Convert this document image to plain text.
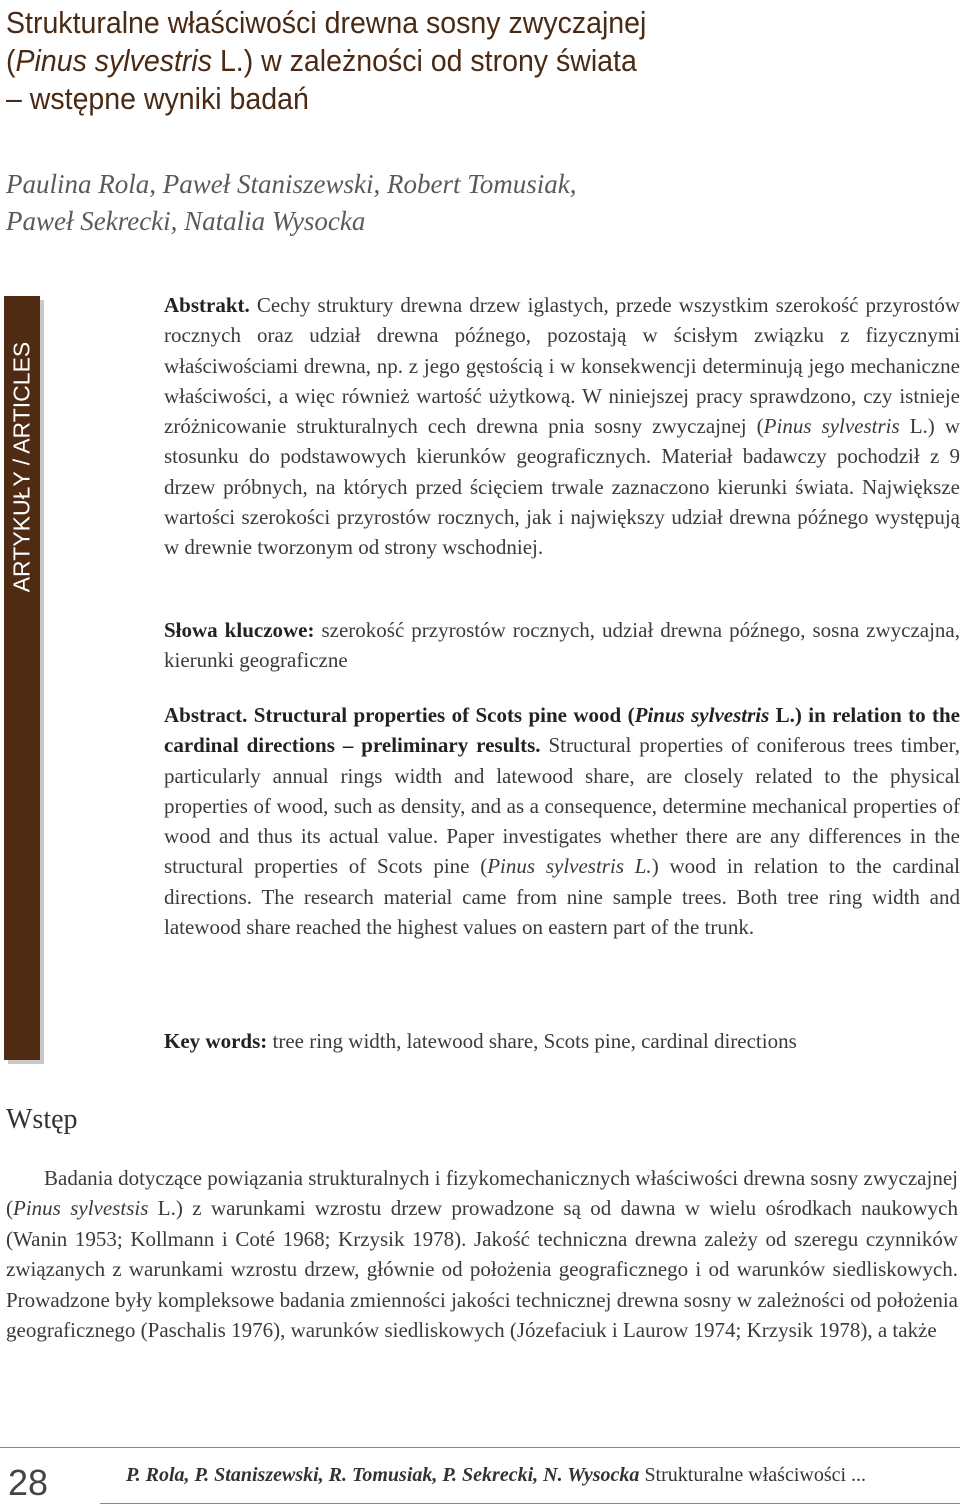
Strukturalne właściwości drewna sosny zwyczajnej
(Pinus sylvestris L.) w zależności od strony świata
– wstępne wyniki badań
Paulina Rola, Paweł Staniszewski, Robert Tomusiak,
Paweł Sekrecki, Natalia Wysocka
ARTYKUŁY / ARTICLES
Abstrakt. Cechy struktury drewna drzew iglastych, przede wszystkim szerokość przyrostów rocznych oraz udział drewna późnego, pozostają w ścisłym związku z fizycznymi właściwościami drewna, np. z jego gęstością i w konsekwencji determinują jego mechaniczne właściwości, a więc również wartość użytkową. W niniejszej pracy sprawdzono, czy istnieje zróżnicowanie strukturalnych cech drewna pnia sosny zwyczajnej (Pinus sylvestris L.) w stosunku do podstawowych kierunków geograficznych. Materiał badawczy pochodził z 9 drzew próbnych, na których przed ścięciem trwale zaznaczono kierunki świata. Największe wartości szerokości przyrostów rocznych, jak i największy udział drewna późnego występują w drewnie tworzonym od strony wschodniej.
Słowa kluczowe: szerokość przyrostów rocznych, udział drewna późnego, sosna zwyczajna, kierunki geograficzne
Abstract. Structural properties of Scots pine wood (Pinus sylvestris L.) in relation to the cardinal directions – preliminary results. Structural properties of coniferous trees timber, particularly annual rings width and latewood share, are closely related to the physical properties of wood, such as density, and as a consequence, determine mechanical properties of wood and thus its actual value. Paper investigates whether there are any differences in the structural properties of Scots pine (Pinus sylvestris L.) wood in relation to the cardinal directions. The research material came from nine sample trees. Both tree ring width and latewood share reached the highest values on eastern part of the trunk.
Key words: tree ring width, latewood share, Scots pine, cardinal directions
Wstęp
Badania dotyczące powiązania strukturalnych i fizykomechanicznych właściwości drewna sosny zwyczajnej (Pinus sylvestsis L.) z warunkami wzrostu drzew prowadzone są od dawna w wielu ośrodkach naukowych (Wanin 1953; Kollmann i Coté 1968; Krzysik 1978). Jakość techniczna drewna zależy od szeregu czynników związanych z warunkami wzrostu drzew, głównie od położenia geograficznego i od warunków siedliskowych. Prowadzone były kompleksowe badania zmienności jakości technicznej drewna sosny w zależności od położenia geograficznego (Paschalis 1976), warunków siedliskowych (Józefaciuk i Laurow 1974; Krzysik 1978), a także
28	P. Rola, P. Staniszewski, R. Tomusiak, P. Sekrecki, N. Wysocka Strukturalne właściwości ...
